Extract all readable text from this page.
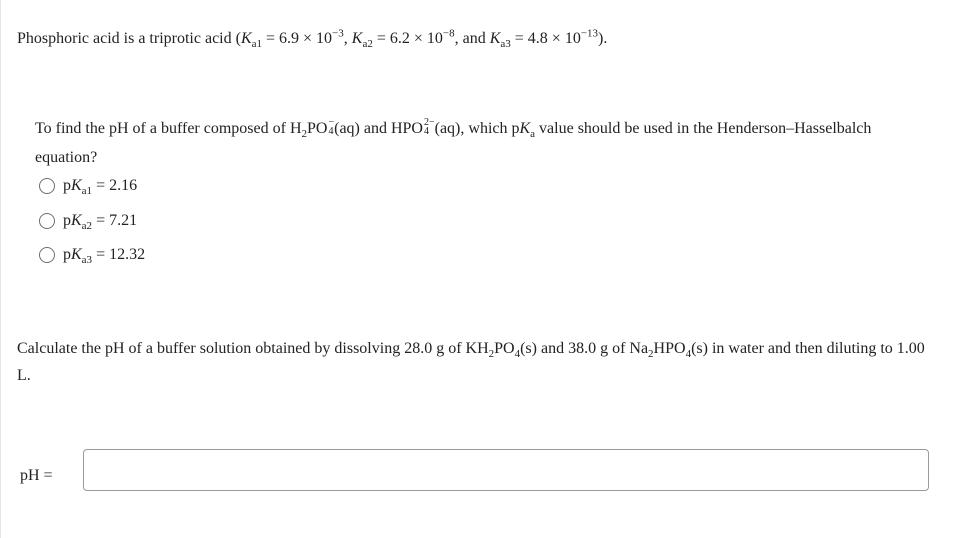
Phosphoric acid is a triprotic acid ($K_{a1} = 6.9 \times 10^{-3}$, $K_{a2} = 6.2 \times 10^{-8}$, and $K_{a3} = 4.8 \times 10^{-13}$).
To find the pH of a buffer composed of $H_2PO$ −
4 (aq) and HPO 2−
4 (aq), which $pK_a$ value should be used in the Henderson–Hasselbalch equation?
$pK_{a1} = 2.16$
$pK_{a2} = 7.21$
$pK_{a3} = 12.32$
Calculate the pH of a buffer solution obtained by dissolving 28.0 g of $KH_2PO_4(s)$ and 38.0 g of $Na_2HPO_4(s)$ in water and then diluting to 1.00 L.
pH =
